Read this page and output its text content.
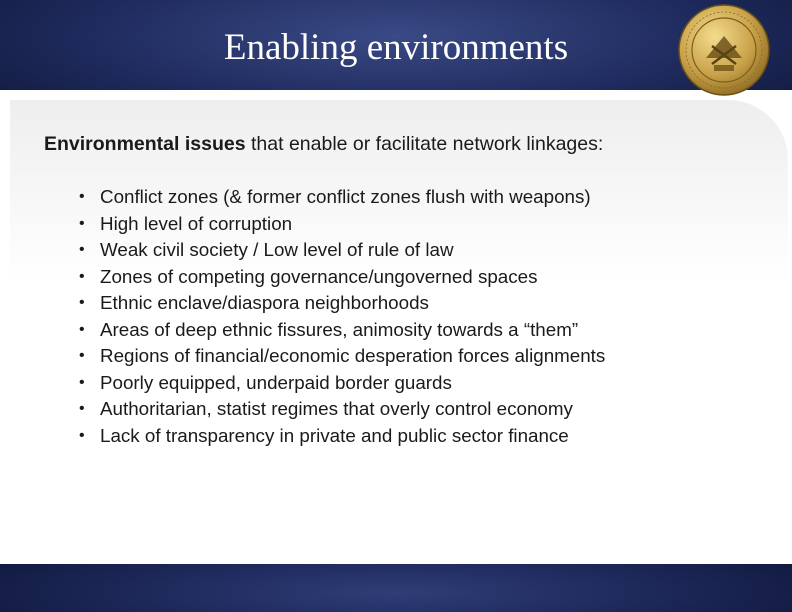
Enabling environments
Environmental issues that enable or facilitate network linkages:
• Conflict zones (& former conflict zones flush with weapons)
• High level of corruption
• Weak civil society / Low level of rule of law
• Zones of competing governance/ungoverned spaces
• Ethnic enclave/diaspora neighborhoods
• Areas of deep ethnic fissures, animosity towards a “them”
• Regions of financial/economic desperation forces alignments
• Poorly equipped, underpaid border guards
• Authoritarian, statist regimes that overly control economy
• Lack of transparency in private and public sector finance
